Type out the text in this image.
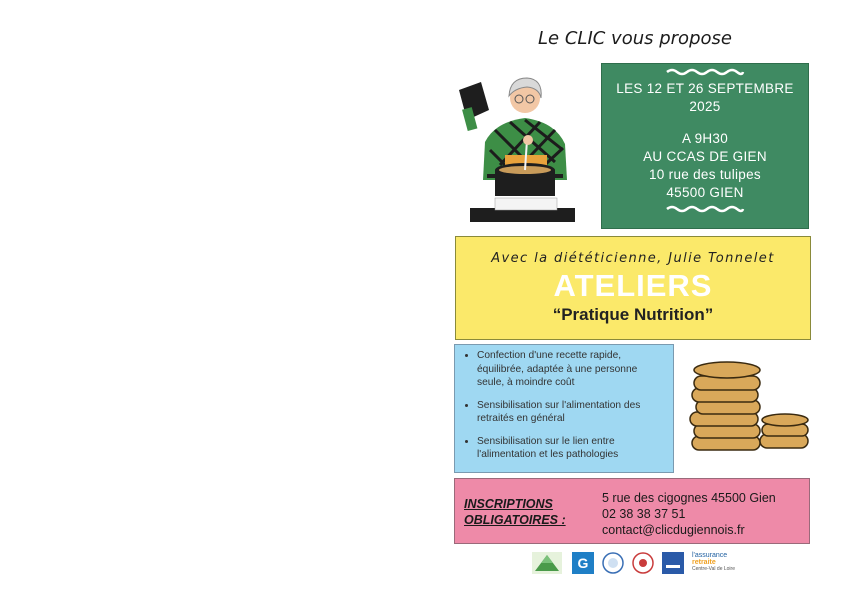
Le CLIC vous propose
LES 12 ET 26 SEPTEMBRE
2025
A 9H30
AU CCAS DE GIEN
10 rue des tulipes
45500 GIEN
Avec la diététicienne, Julie Tonnelet
ATELIERS
“Pratique Nutrition”
• Confection d'une recette rapide, équilibrée, adaptée à une personne seule, à moindre coût
• Sensibilisation sur l'alimentation des retraités en général
• Sensibilisation sur le lien entre l'alimentation et les pathologies
INSCRIPTIONS
OBLIGATOIRES :
5 rue des cigognes 45500 Gien
02 38 38 37 51
contact@clicdugiennois.fr
G	l'assurance
retraite
Centre-Val de Loire
